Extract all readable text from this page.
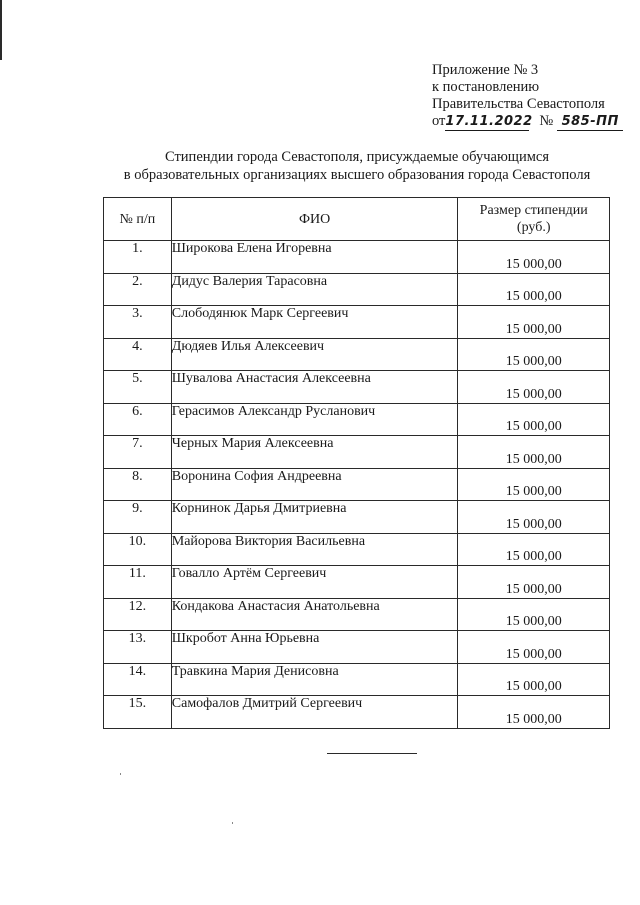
Приложение № 3
к постановлению
Правительства Севастополя
от17.11.2022 № 585-ПП
Стипендии города Севастополя, присуждаемые обучающимся
в образовательных организациях высшего образования города Севастополя
№ п/п	ФИО	Размер стипендии
(руб.)
1.	Широкова Елена Игоревна	15 000,00
2.	Дидус Валерия Тарасовна	15 000,00
3.	Слободянюк Марк Сергеевич	15 000,00
4.	Дюдяев Илья Алексеевич	15 000,00
5.	Шувалова Анастасия Алексеевна	15 000,00
6.	Герасимов Александр Русланович	15 000,00
7.	Черных Мария Алексеевна	15 000,00
8.	Воронина София Андреевна	15 000,00
9.	Корнинок Дарья Дмитриевна	15 000,00
10.	Майорова Виктория Васильевна	15 000,00
11.	Говалло Артём Сергеевич	15 000,00
12.	Кондакова Анастасия Анатольевна	15 000,00
13.	Шкробот Анна Юрьевна	15 000,00
14.	Травкина Мария Денисовна	15 000,00
15.	Самофалов Дмитрий Сергеевич	15 000,00
